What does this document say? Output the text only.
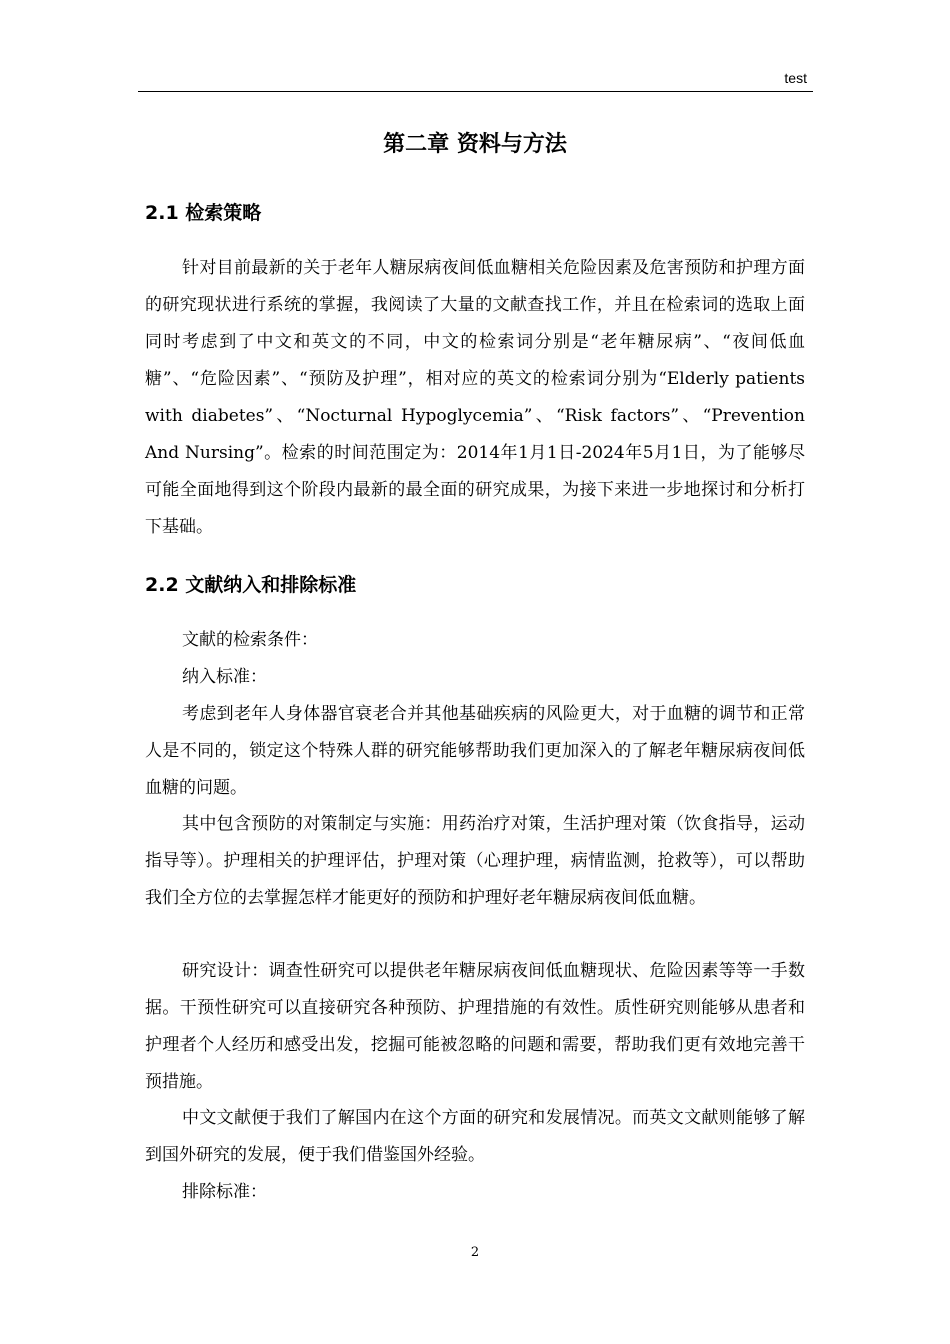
test
第二章 资料与方法
2.1 检索策略
针对目前最新的关于老年人糖尿病夜间低血糖相关危险因素及危害预防和护理方面的研究现状进行系统的掌握，我阅读了大量的文献查找工作，并且在检索词的选取上面同时考虑到了中文和英文的不同，中文的检索词分别是“老年糖尿病”、“夜间低血糖”、“危险因素”、“预防及护理”，相对应的英文的检索词分别为“Elderly patients with diabetes”、“Nocturnal Hypoglycemia”、“Risk factors”、“Prevention And Nursing”。检索的时间范围定为：2014年1月1日-2024年5月1日，为了能够尽可能全面地得到这个阶段内最新的最全面的研究成果，为接下来进一步地探讨和分析打下基础。
2.2 文献纳入和排除标准
文献的检索条件：
纳入标准：
考虑到老年人身体器官衰老合并其他基础疾病的风险更大，对于血糖的调节和正常人是不同的，锁定这个特殊人群的研究能够帮助我们更加深入的了解老年糖尿病夜间低血糖的问题。
其中包含预防的对策制定与实施：用药治疗对策，生活护理对策（饮食指导，运动指导等）。护理相关的护理评估，护理对策（心理护理，病情监测，抢救等），可以帮助我们全方位的去掌握怎样才能更好的预防和护理好老年糖尿病夜间低血糖。
研究设计：调查性研究可以提供老年糖尿病夜间低血糖现状、危险因素等等一手数据。干预性研究可以直接研究各种预防、护理措施的有效性。质性研究则能够从患者和护理者个人经历和感受出发，挖掘可能被忽略的问题和需要，帮助我们更有效地完善干预措施。
中文文献便于我们了解国内在这个方面的研究和发展情况。而英文文献则能够了解到国外研究的发展，便于我们借鉴国外经验。
排除标准：
2
